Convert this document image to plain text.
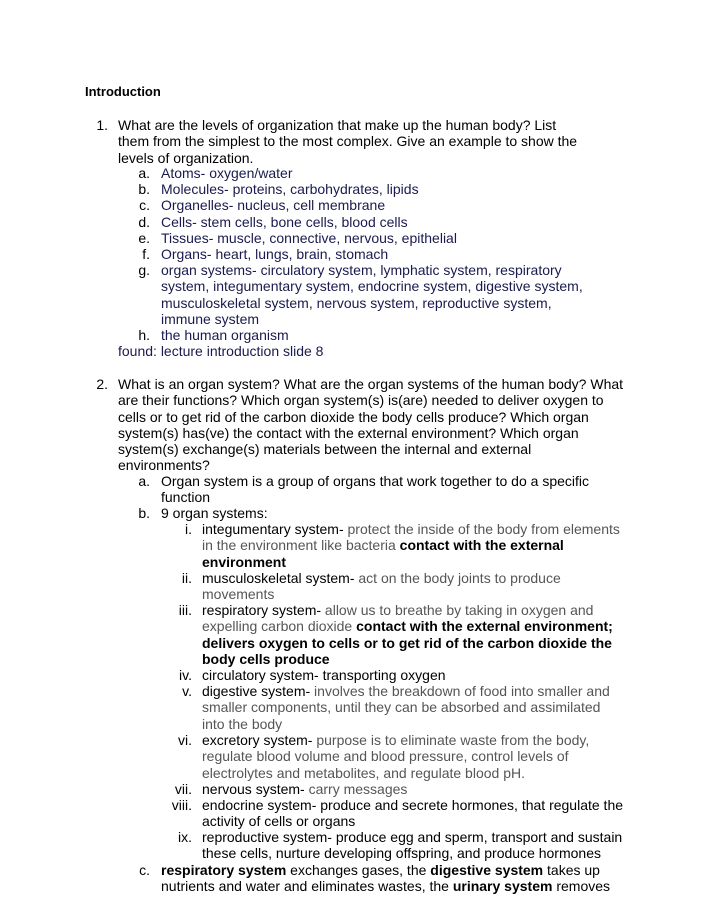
Introduction
1. What are the levels of organization that make up the human body? List
them from the simplest to the most complex. Give an example to show the
levels of organization.
a. Atoms- oxygen/water
b. Molecules- proteins, carbohydrates, lipids
c. Organelles- nucleus, cell membrane
d. Cells- stem cells, bone cells, blood cells
e. Tissues- muscle, connective, nervous, epithelial
f. Organs- heart, lungs, brain, stomach
g. organ systems- circulatory system, lymphatic system, respiratory
system, integumentary system, endocrine system, digestive system,
musculoskeletal system, nervous system, reproductive system,
immune system
h. the human organism
found: lecture introduction slide 8
2. What is an organ system? What are the organ systems of the human body? What
are their functions? Which organ system(s) is(are) needed to deliver oxygen to
cells or to get rid of the carbon dioxide the body cells produce? Which organ
system(s) has(ve) the contact with the external environment? Which organ
system(s) exchange(s) materials between the internal and external
environments?
a. Organ system is a group of organs that work together to do a specific
function
b. 9 organ systems:
i. integumentary system- protect the inside of the body from elements
in the environment like bacteria contact with the external
environment
ii. musculoskeletal system- act on the body joints to produce
movements
iii. respiratory system- allow us to breathe by taking in oxygen and
expelling carbon dioxide contact with the external environment;
delivers oxygen to cells or to get rid of the carbon dioxide the
body cells produce
iv. circulatory system- transporting oxygen
v. digestive system- involves the breakdown of food into smaller and
smaller components, until they can be absorbed and assimilated
into the body
vi. excretory system- purpose is to eliminate waste from the body,
regulate blood volume and blood pressure, control levels of
electrolytes and metabolites, and regulate blood pH.
vii. nervous system- carry messages
viii. endocrine system- produce and secrete hormones, that regulate the
activity of cells or organs
ix. reproductive system- produce egg and sperm, transport and sustain
these cells, nurture developing offspring, and produce hormones
c. respiratory system exchanges gases, the digestive system takes up
nutrients and water and eliminates wastes, the urinary system removes
